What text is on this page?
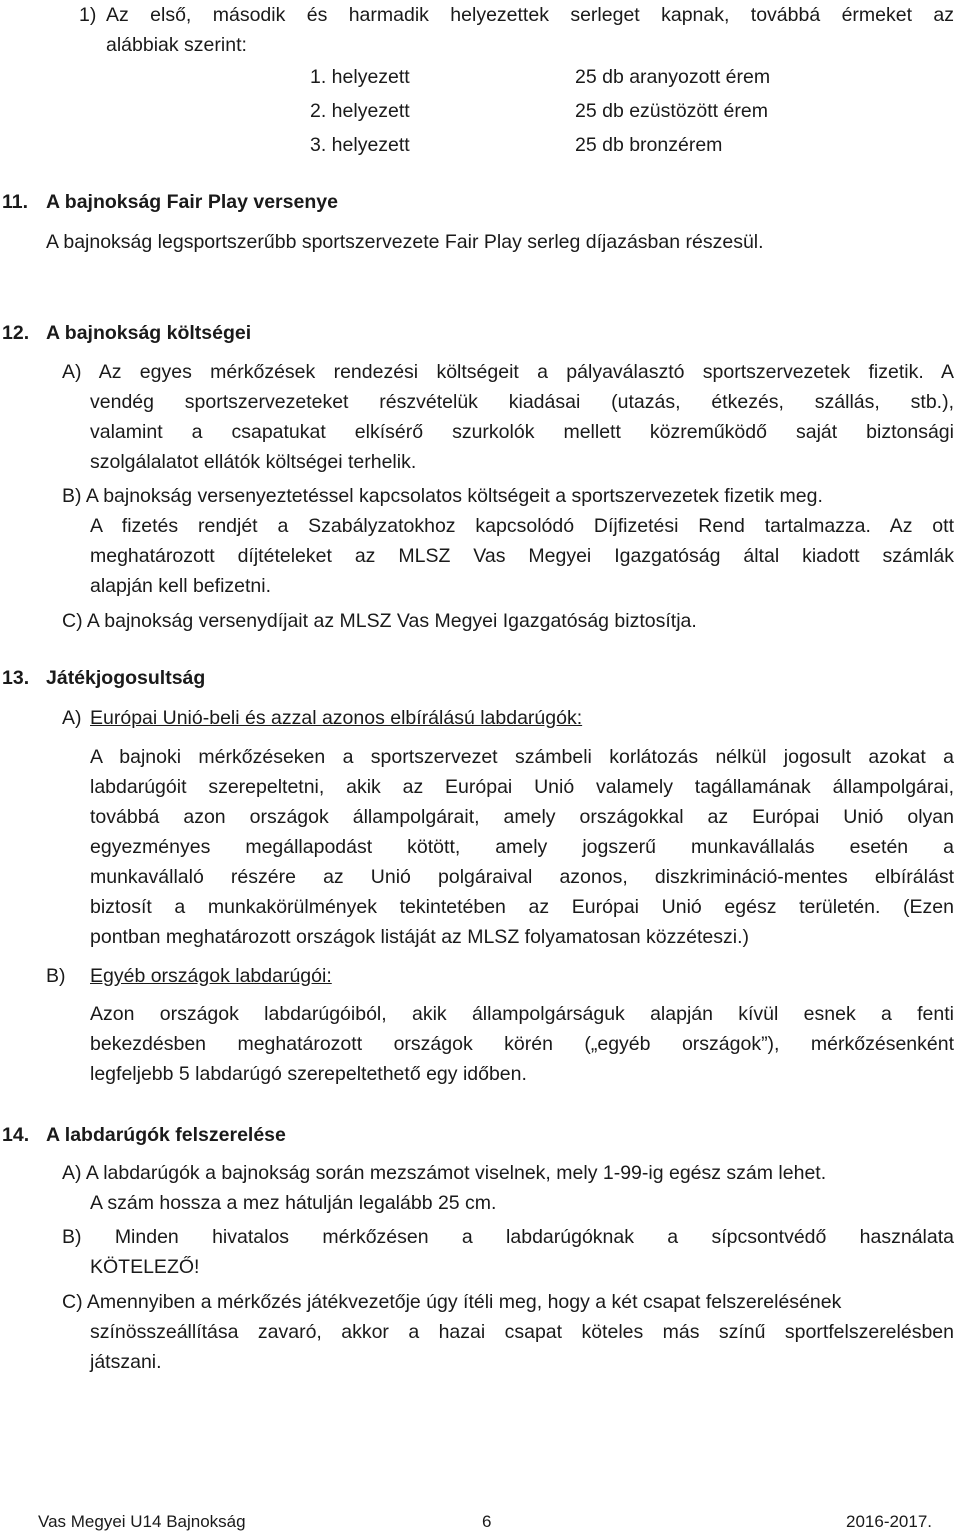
1) Az első, második és harmadik helyezettek serleget kapnak, továbbá érmeket az
alábbiak szerint:
1. helyezett	25 db aranyozott érem
2. helyezett	25 db ezüstözött érem
3. helyezett	25 db bronzérem
11. A bajnokság Fair Play versenye
A bajnokság legsportszerűbb sportszervezete Fair Play serleg díjazásban részesül.
12. A bajnokság költségei
A) Az egyes mérkőzések rendezési költségeit a pályaválasztó sportszervezetek fizetik. A
vendég sportszervezeteket részvételük kiadásai (utazás, étkezés, szállás, stb.),
valamint a csapatukat elkísérő szurkolók mellett közreműködő saját biztonsági
szolgálalatot ellátók költségei terhelik.
B) A bajnokság versenyeztetéssel kapcsolatos költségeit a sportszervezetek fizetik meg.
A fizetés rendjét a Szabályzatokhoz kapcsolódó Díjfizetési Rend tartalmazza. Az ott
meghatározott díjtételeket az MLSZ Vas Megyei Igazgatóság által kiadott számlák
alapján kell befizetni.
C) A bajnokság versenydíjait az MLSZ Vas Megyei Igazgatóság biztosítja.
13. Játékjogosultság
A) Európai Unió-beli és azzal azonos elbírálású labdarúgók:
A bajnoki mérkőzéseken a sportszervezet számbeli korlátozás nélkül jogosult azokat a
labdarúgóit szerepeltetni, akik az Európai Unió valamely tagállamának állampolgárai,
továbbá azon országok állampolgárait, amely országokkal az Európai Unió olyan
egyezményes megállapodást kötött, amely jogszerű munkavállalás esetén a
munkavállaló részére az Unió polgáraival azonos, diszkrimináció-mentes elbírálást
biztosít a munkakörülmények tekintetében az Európai Unió egész területén. (Ezen
pontban meghatározott országok listáját az MLSZ folyamatosan közzéteszi.)
B) Egyéb országok labdarúgói:
Azon országok labdarúgóiból, akik állampolgárságuk alapján kívül esnek a fenti
bekezdésben meghatározott országok körén („egyéb országok”), mérkőzésenként
legfeljebb 5 labdarúgó szerepeltethető egy időben.
14. A labdarúgók felszerelése
A) A labdarúgók a bajnokság során mezszámot viselnek, mely 1-99-ig egész szám lehet.
A szám hossza a mez hátulján legalább 25 cm.
B) Minden hivatalos mérkőzésen a labdarúgóknak a sípcsontvédő használata
KÖTELEZŐ!
C) Amennyiben a mérkőzés játékvezetője úgy ítéli meg, hogy a két csapat felszerelésének
színösszeállítása zavaró, akkor a hazai csapat köteles más színű sportfelszerelésben
játszani.
Vas Megyei U14 Bajnokság	6	2016-2017.
